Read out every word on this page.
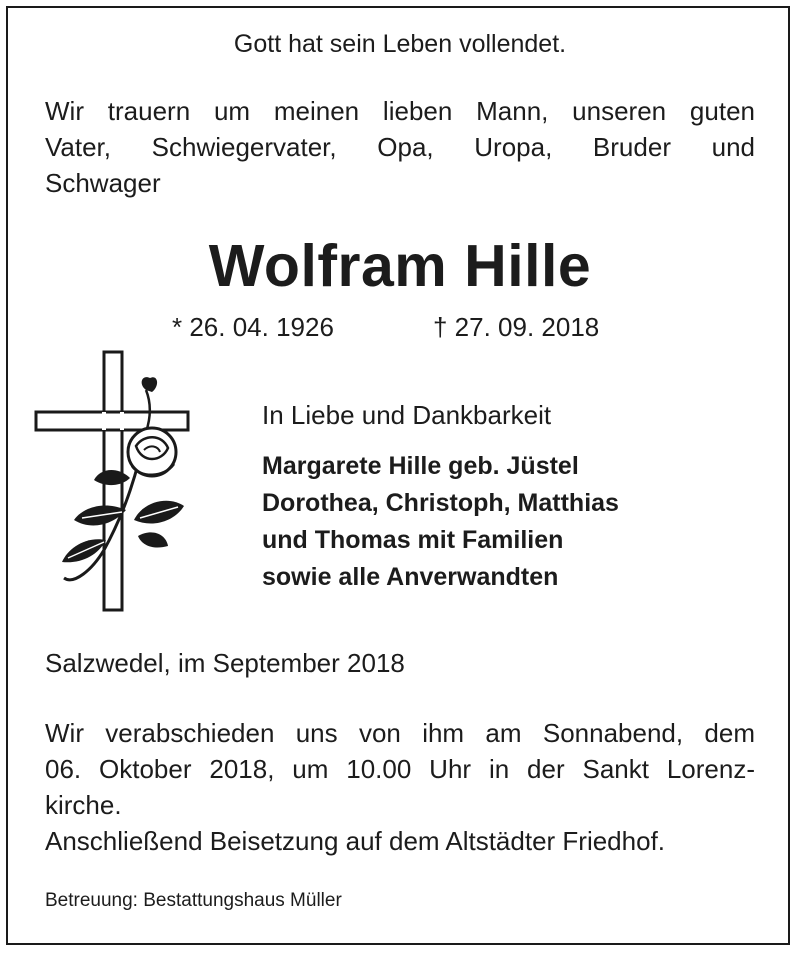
Gott hat sein Leben vollendet.
Wir trauern um meinen lieben Mann, unseren guten
Vater, Schwiegervater, Opa, Uropa, Bruder und
Schwager
Wolfram Hille
* 26. 04. 1926	† 27. 09. 2018
In Liebe und Dankbarkeit
Margarete Hille geb. Jüstel
Dorothea, Christoph, Matthias
und Thomas mit Familien
sowie alle Anverwandten
Salzwedel, im September 2018
Wir verabschieden uns von ihm am Sonnabend, dem
06. Oktober 2018, um 10.00 Uhr in der Sankt Lorenz-
kirche.
Anschließend Beisetzung auf dem Altstädter Friedhof.
Betreuung: Bestattungshaus Müller
